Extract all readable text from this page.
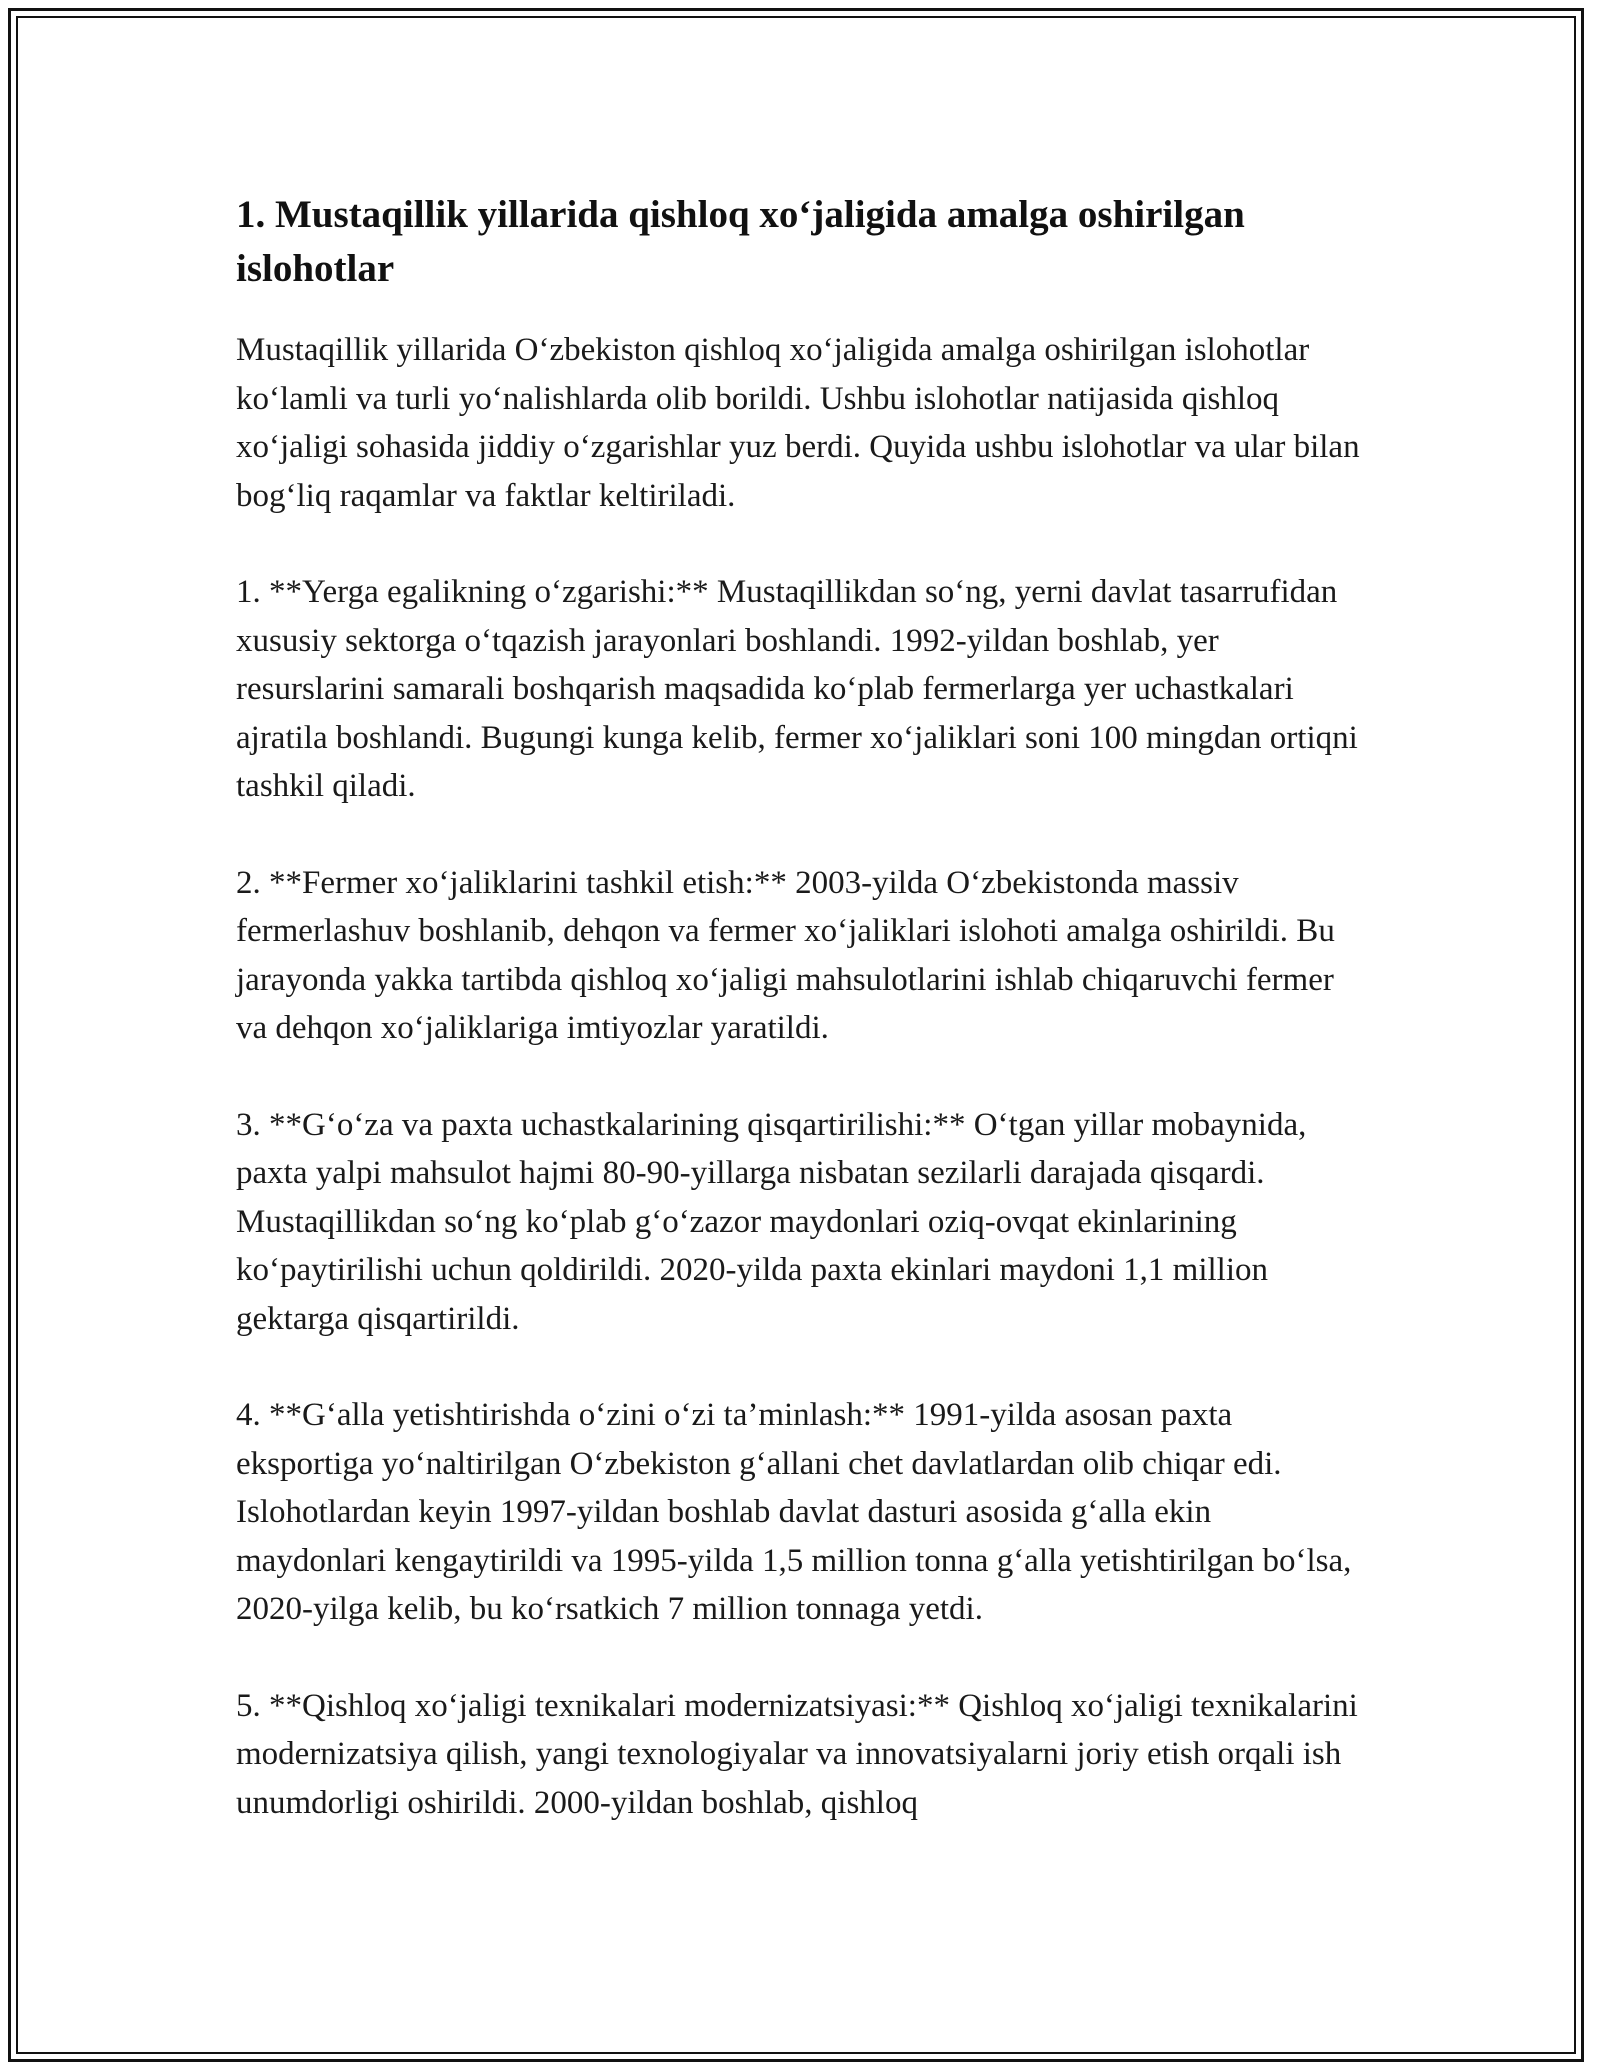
1. Mustaqillik yillarida qishloq xo‘jaligida amalga oshirilgan islohotlar

Mustaqillik yillarida O‘zbekiston qishloq xo‘jaligida amalga oshirilgan islohotlar ko‘lamli va turli yo‘nalishlarda olib borildi. Ushbu islohotlar natijasida qishloq xo‘jaligi sohasida jiddiy o‘zgarishlar yuz berdi. Quyida ushbu islohotlar va ular bilan bog‘liq raqamlar va faktlar keltiriladi.

1. **Yerga egalikning o‘zgarishi:** Mustaqillikdan so‘ng, yerni davlat tasarrufidan xususiy sektorga o‘tqazish jarayonlari boshlandi. 1992-yildan boshlab, yer resurslarini samarali boshqarish maqsadida ko‘plab fermerlarga yer uchastkalari ajratila boshlandi. Bugungi kunga kelib, fermer xo‘jaliklari soni 100 mingdan ortiqni tashkil qiladi.

2. **Fermer xo‘jaliklarini tashkil etish:** 2003-yilda O‘zbekistonda massiv fermerlashuv boshlanib, dehqon va fermer xo‘jaliklari islohoti amalga oshirildi. Bu jarayonda yakka tartibda qishloq xo‘jaligi mahsulotlarini ishlab chiqaruvchi fermer va dehqon xo‘jaliklariga imtiyozlar yaratildi.

3. **G‘o‘za va paxta uchastkalarining qisqartirilishi:** O‘tgan yillar mobaynida, paxta yalpi mahsulot hajmi 80-90-yillarga nisbatan sezilarli darajada qisqardi. Mustaqillikdan so‘ng ko‘plab g‘o‘zazor maydonlari oziq-ovqat ekinlarining ko‘paytirilishi uchun qoldirildi. 2020-yilda paxta ekinlari maydoni 1,1 million gektarga qisqartirildi.

4. **G‘alla yetishtirishda o‘zini o‘zi ta’minlash:** 1991-yilda asosan paxta eksportiga yo‘naltirilgan O‘zbekiston g‘allani chet davlatlardan olib chiqar edi. Islohotlardan keyin 1997-yildan boshlab davlat dasturi asosida g‘alla ekin maydonlari kengaytirildi va 1995-yilda 1,5 million tonna g‘alla yetishtirilgan bo‘lsa, 2020-yilga kelib, bu ko‘rsatkich 7 million tonnaga yetdi.

5. **Qishloq xo‘jaligi texnikalari modernizatsiyasi:** Qishloq xo‘jaligi texnikalarini modernizatsiya qilish, yangi texnologiyalar va innovatsiyalarni joriy etish orqali ish unumdorligi oshirildi. 2000-yildan boshlab, qishloq
